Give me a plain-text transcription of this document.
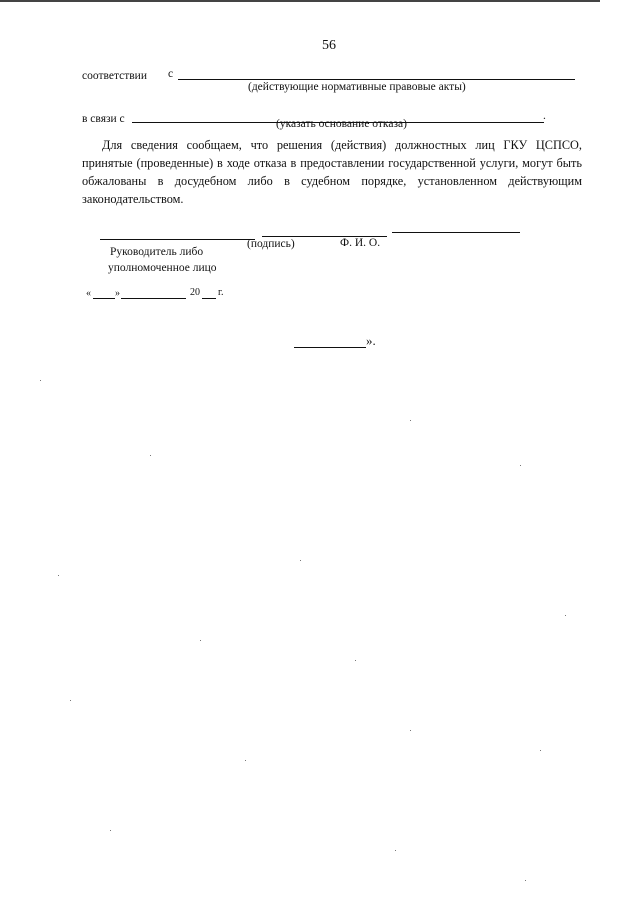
56
соответствии с
(действующие нормативные правовые акты)
в связи с	.
(указать основание отказа)
Для сведения сообщаем, что решения (действия) должностных лиц ГКУ ЦСПСО, принятые (проведенные) в ходе отказа в предоставлении государственной услуги, могут быть обжалованы в досудебном либо в судебном порядке, установленном действующим законодательством.
Руководитель либо
уполномоченное лицо
(подпись)	Ф. И. О.
« »	20 г.
».
